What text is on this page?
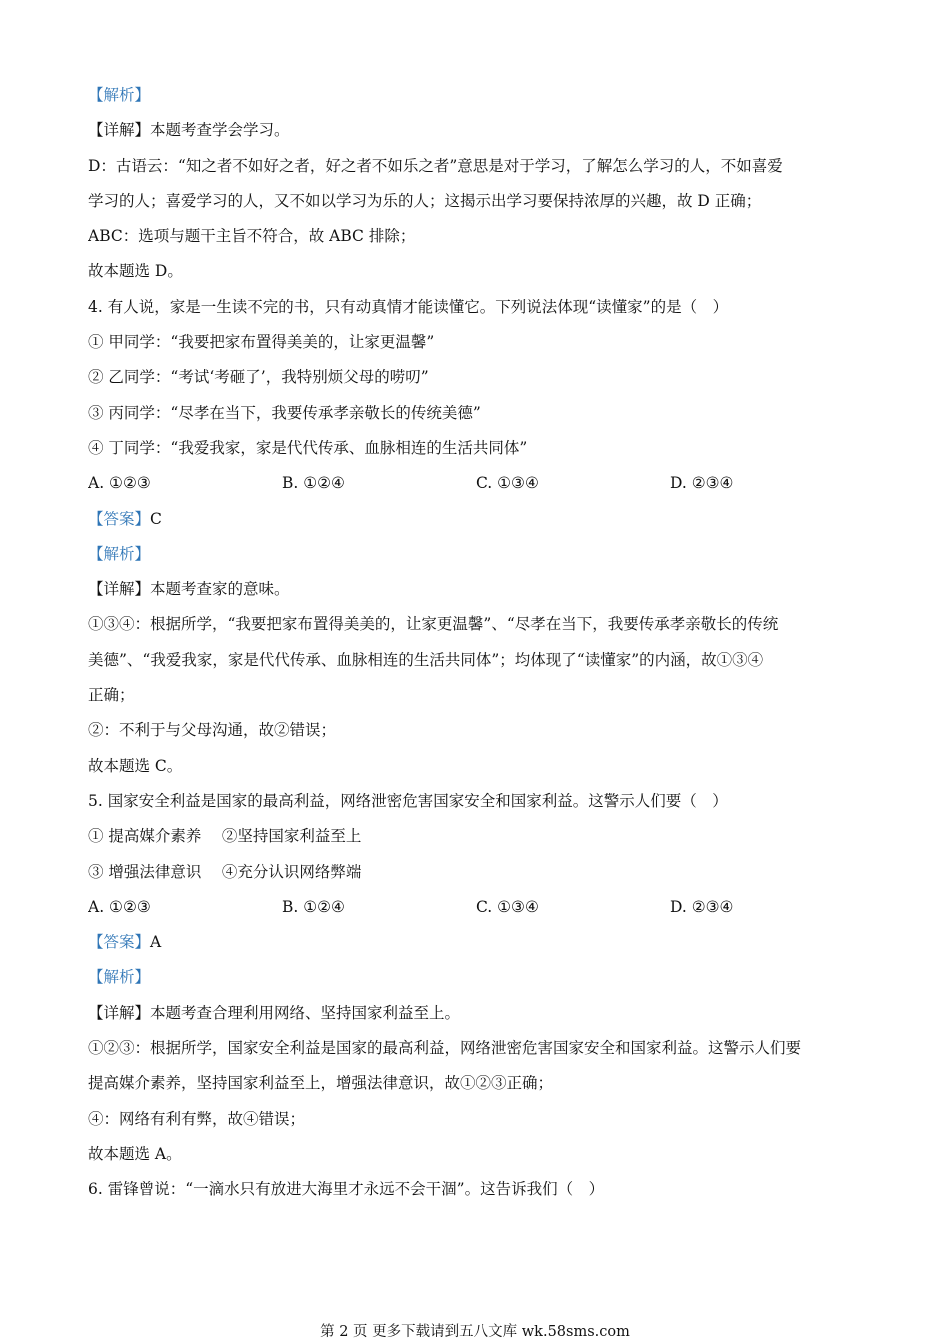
【解析】
【详解】本题考查学会学习。
D：古语云：“知之者不如好之者，好之者不如乐之者”意思是对于学习，了解怎么学习的人，不如喜爱
学习的人；喜爱学习的人，又不如以学习为乐的人；这揭示出学习要保持浓厚的兴趣，故 D 正确；
ABC：选项与题干主旨不符合，故 ABC 排除；
故本题选 D。
4. 有人说，家是一生读不完的书，只有动真情才能读懂它。下列说法体现“读懂家”的是（　）
① 甲同学：“我要把家布置得美美的，让家更温馨”
② 乙同学：“考试‘考砸了’，我特别烦父母的唠叨”
③ 丙同学：“尽孝在当下，我要传承孝亲敬长的传统美德”
④ 丁同学：“我爱我家，家是代代传承、血脉相连的生活共同体”
A. ①②③	B. ①②④	C. ①③④	D. ②③④
【答案】C
【解析】
【详解】本题考查家的意味。
①③④：根据所学，“我要把家布置得美美的，让家更温馨”、“尽孝在当下，我要传承孝亲敬长的传统
美德”、“我爱我家，家是代代传承、血脉相连的生活共同体”；均体现了“读懂家”的内涵，故①③④
正确；
②：不利于与父母沟通，故②错误；
故本题选 C。
5. 国家安全利益是国家的最高利益，网络泄密危害国家安全和国家利益。这警示人们要（　）
① 提高媒介素养　 ②坚持国家利益至上
③ 增强法律意识　 ④充分认识网络弊端
A. ①②③	B. ①②④	C. ①③④	D. ②③④
【答案】A
【解析】
【详解】本题考查合理利用网络、坚持国家利益至上。
①②③：根据所学，国家安全利益是国家的最高利益，网络泄密危害国家安全和国家利益。这警示人们要
提高媒介素养，坚持国家利益至上，增强法律意识，故①②③正确；
④：网络有利有弊，故④错误；
故本题选 A。
6. 雷锋曾说：“一滴水只有放进大海里才永远不会干涸”。这告诉我们（　）
第 2 页 更多下载请到五八文库 wk.58sms.com
